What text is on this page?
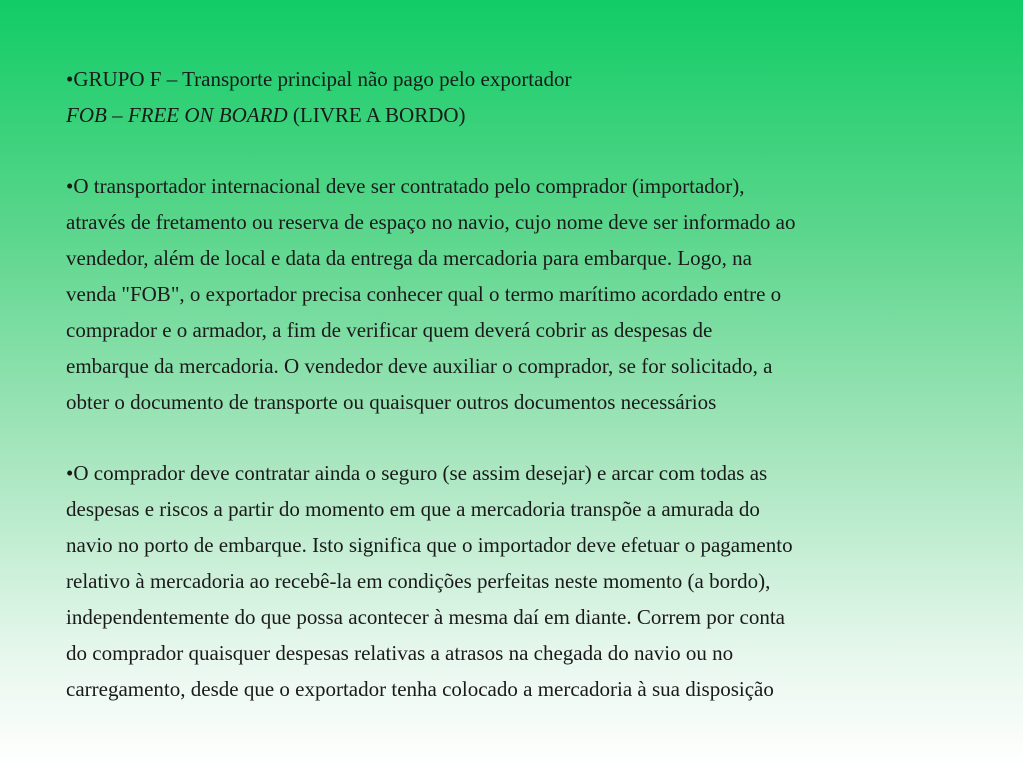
•GRUPO F – Transporte principal não pago pelo exportador
FOB – FREE ON BOARD (LIVRE A BORDO)
•O transportador internacional deve ser contratado pelo comprador (importador),
através de fretamento ou reserva de espaço no navio, cujo nome deve ser informado ao
vendedor, além de local e data da entrega da mercadoria para embarque. Logo, na
venda "FOB", o exportador precisa conhecer qual o termo marítimo acordado entre o
comprador e o armador, a fim de verificar quem deverá cobrir as despesas de
embarque da mercadoria. O vendedor deve auxiliar o comprador, se for solicitado, a
obter o documento de transporte ou quaisquer outros documentos necessários
•O comprador deve contratar ainda o seguro (se assim desejar) e arcar com todas as
despesas e riscos a partir do momento em que a mercadoria transpõe a amurada do
navio no porto de embarque. Isto significa que o importador deve efetuar o pagamento
relativo à mercadoria ao recebê-la em condições perfeitas neste momento (a bordo),
independentemente do que possa acontecer à mesma daí em diante. Correm por conta
do comprador quaisquer despesas relativas a atrasos na chegada do navio ou no
carregamento, desde que o exportador tenha colocado a mercadoria à sua disposição
